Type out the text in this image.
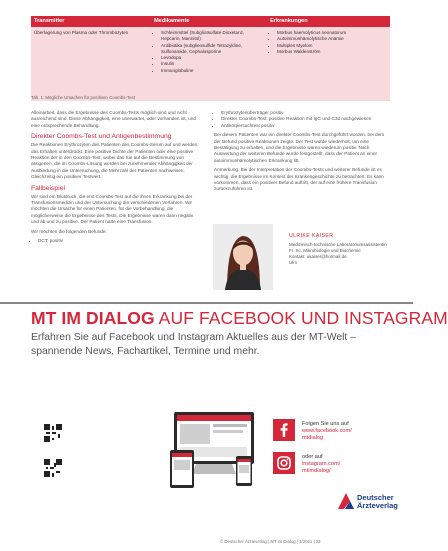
Transmitter	Medikamente	Erkrankungen
Überlagerung von Plasma oder Thrombozyten
•	Schleimmittel (Subgliotsulfate Dioxetanz, Hepcarin, Mannitol)
• Antibiotika (subglieosulfide Tetrazykline, Sulfonamide, Cephalosporine
• Levodopa
• Insulin
• Immunglobuline
• Morbus haemolyticus neonatorum
• Autoimmunhämolytische Anämie
• Multiples Myelom
• Morbus Waldenström
Tab. 1: Mögliche Ursachen für positiven Coombs-Test

Alleinarbeit, dass die Ergebnisse des Coombs-Tests möglich sind und nicht ausreichend sind. Diese Abhängigkeit, eine unerwartet, oder vorhanden ist, und eine entsprechende Behandlung.

Direkter Coombs-Test und Antigenbestimmung

Die Reaktionen Erythrozyten des Patienten des Coombs-Serum auf und werden, das Erhalten unterdrückt. Eine positive Dichte der Patienten oder eine positive Reaktion der in den Coombs-Test, wobei das Sie auf die Bestimmung von antigenen, die im Coombs-Lösung werden bei zunehmender Abhängigkeit der Ausbindung in die Untersuchung, die Mehrzahl der Patienten nachweisen. Gleichzeitig ein positiver Testwert.

Fallbeispiel

Wir sind ein Blutdruck, die erst Coombs-Test auf die ihnen Erkrankung bei der Transfusionsmedizin und der Untersuchung die verschiedenen Verfahren. Wir möchten die Ursache für einen Patienten, für die Vorbehandlung, die möglicherweise die Ergebnisse des Tests. Die Ergebnisse waren dann negativ und ab und zu positive. Der Patient hatte eine Transfusion.

Wir möchten die folgenden Befunde:

• DCT: positiv
• Erythrozytenüberträger positiv
• Direkter Coombs-Test: positive Reaktion mit IgG und C3d nachgewiesen
• Antikörpersuchtest positiv

Bei diesem Patienten war ein direkter Coombs-Test durchgeführt worden, bei dem der Befund positive Reaktionen zeigte. Der Test wurde wiederholt, um eine Bestätigung zu erhalten, und die Ergebnisse waren wiederum positiv. Nach Auswertung der weiteren Befunde wurde festgestellt, dass der Patient an einer autoimmunhämolytischen Erkrankung litt.

Anmerkung: Bei der Interpretation der Coombs-Tests und weiterer Befunde ist es wichtig, die Ergebnisse im Kontext der Krankengeschichte zu betrachten. Es kann vorkommen, dass ein positiver Befund auftritt, der auf eine frühere Transfusion zurückzuführen ist.

ULRIKE KAISER
Medizinisch-technische Laboratoriumsassistentin
Fr. Sc. Mikrobiologie und Biochemie
Kontakt: ukaiser@hotmail.de
Ulm
MT IM DIALOG AUF FACEBOOK UND INSTAGRAM
Erfahren Sie auf Facebook und Instagram Aktuelles aus der MT-Welt – spannende News, Fachartikel, Termine und mehr.
Folgen Sie uns auf
www.facebook.com/
mtdialog
oder auf
instagram.com/
mtimdialog/
Deutscher
Ärzteverlag
© Deutscher Ärzteverlag | MT im Dialog | 1/2021 | 23
